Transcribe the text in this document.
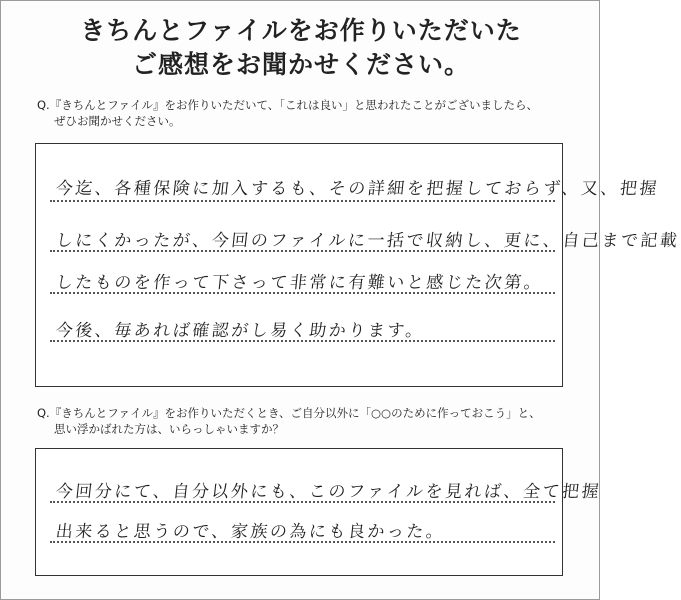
きちんとファイルをお作りいただいた
ご感想をお聞かせください。
Q.『きちんとファイル』をお作りいただいて、「これは良い」と思われたことがございましたら、
ぜひお聞かせください。
今迄、各種保険に加入するも、その詳細を把握しておらず、又、把握
しにくかったが、今回のファイルに一括で収納し、更に、自己まで記載
したものを作って下さって非常に有難いと感じた次第。
今後、毎あれば確認がし易く助かります。
Q.『きちんとファイル』をお作りいただくとき、ご自分以外に「○○のために作っておこう」と、
思い浮かばれた方は、いらっしゃいますか？
今回分にて、自分以外にも、このファイルを見れば、全て把握
出来ると思うので、家族の為にも良かった。
